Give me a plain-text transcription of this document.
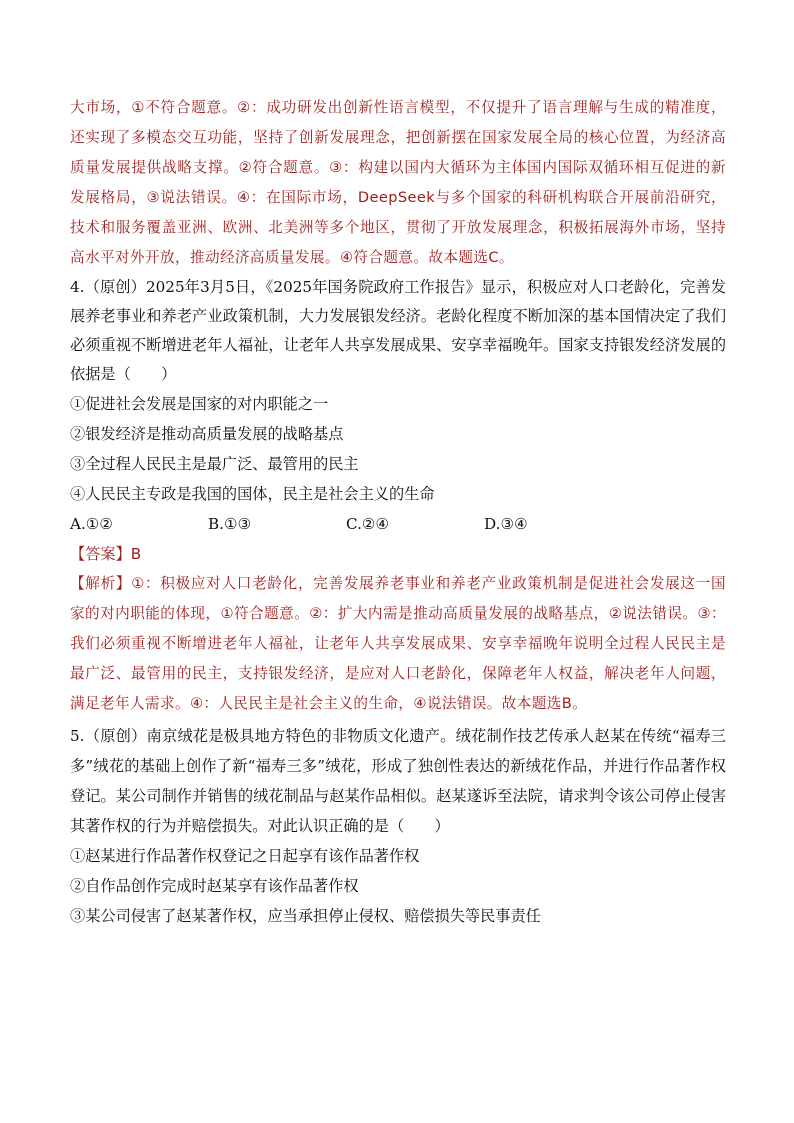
大市场，①不符合题意。②：成功研发出创新性语言模型，不仅提升了语言理解与生成的精准度，还实现了多模态交互功能，坚持了创新发展理念，把创新摆在国家发展全局的核心位置，为经济高质量发展提供战略支撑。②符合题意。③：构建以国内大循环为主体国内国际双循环相互促进的新发展格局，③说法错误。④：在国际市场，DeepSeek与多个国家的科研机构联合开展前沿研究，技术和服务覆盖亚洲、欧洲、北美洲等多个地区，贯彻了开放发展理念，积极拓展海外市场，坚持高水平对外开放，推动经济高质量发展。④符合题意。故本题选C。

4.（原创）2025年3月5日，《2025年国务院政府工作报告》显示，积极应对人口老龄化，完善发展养老事业和养老产业政策机制，大力发展银发经济。老龄化程度不断加深的基本国情决定了我们必须重视不断增进老年人福祉，让老年人共享发展成果、安享幸福晚年。国家支持银发经济发展的依据是（　　）

①促进社会发展是国家的对内职能之一

②银发经济是推动高质量发展的战略基点

③全过程人民民主是最广泛、最管用的民主

④人民民主专政是我国的国体，民主是社会主义的生命

A.①②	B.①③	C.②④	D.③④

【答案】B

【解析】①：积极应对人口老龄化，完善发展养老事业和养老产业政策机制是促进社会发展这一国家的对内职能的体现，①符合题意。②：扩大内需是推动高质量发展的战略基点，②说法错误。③：我们必须重视不断增进老年人福祉，让老年人共享发展成果、安享幸福晚年说明全过程人民民主是最广泛、最管用的民主，支持银发经济，是应对人口老龄化，保障老年人权益，解决老年人问题，满足老年人需求。④：人民民主是社会主义的生命，④说法错误。故本题选B。

5.（原创）南京绒花是极具地方特色的非物质文化遗产。绒花制作技艺传承人赵某在传统“福寿三多”绒花的基础上创作了新“福寿三多”绒花，形成了独创性表达的新绒花作品，并进行作品著作权登记。某公司制作并销售的绒花制品与赵某作品相似。赵某遂诉至法院，请求判令该公司停止侵害其著作权的行为并赔偿损失。对此认识正确的是（　　）

①赵某进行作品著作权登记之日起享有该作品著作权

②自作品创作完成时赵某享有该作品著作权

③某公司侵害了赵某著作权，应当承担停止侵权、赔偿损失等民事责任
